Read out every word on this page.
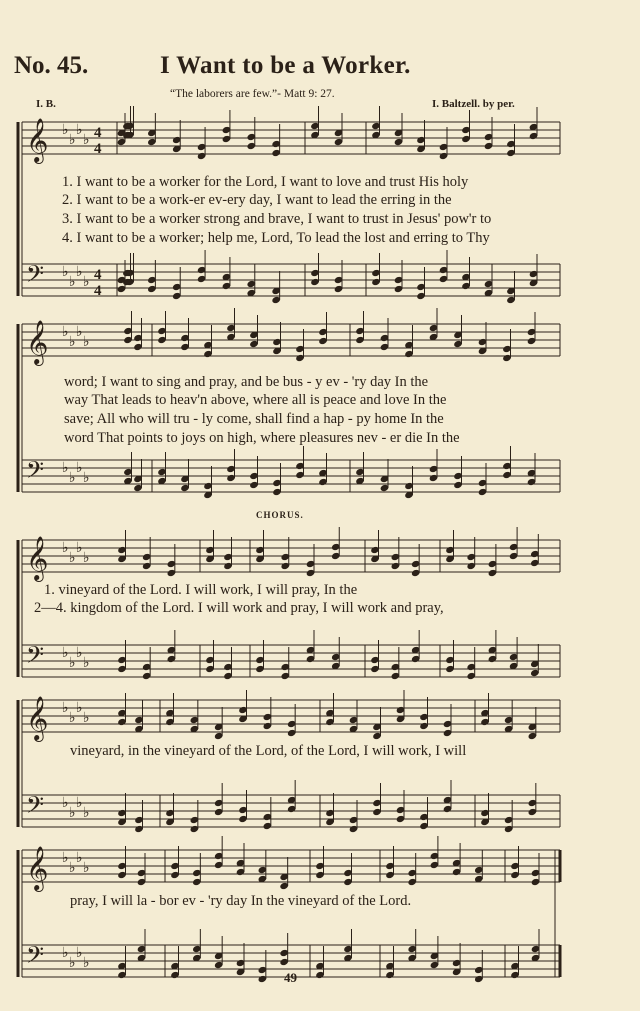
No. 45.	I Want to be a Worker.
“The laborers are few.”- Matt 9: 27.
I. B.	I. Baltzell. by per.
𝄞 ♭
♭
♭
♭ 4
4
𝄢 ♭
♭
♭
♭ 4
4
𝄞 ♭
♭
♭
♭
𝄢 ♭
♭
♭
♭
𝄞 ♭
♭
♭
♭
𝄢 ♭
♭
♭
♭
𝄞 ♭
♭
♭
♭
𝄢 ♭
♭
♭
♭
𝄞 ♭
♭
♭
♭
𝄢 ♭
♭
♭
♭
1. I want to be a worker for the Lord, I want to love and trust His holy
2. I want to be a work-er ev-ery day, I want to lead the erring in the
3. I want to be a worker strong and brave, I want to trust in Jesus' pow'r to
4. I want to be a worker; help me, Lord, To lead the lost and erring to Thy
word; I want to sing and pray, and be bus - y ev - 'ry day In the
way That leads to heav'n above, where all is peace and love In the
save; All who will tru - ly come, shall find a hap - py home In the
word That points to joys on high, where pleasures nev - er die In the
CHORUS.
1. vineyard of the Lord. I will work, I will pray, In the
2—4. kingdom of the Lord. I will work and pray, I will work and pray,
vineyard, in the vineyard of the Lord, of the Lord, I will work, I will
pray, I will la - bor ev - 'ry day In the vineyard of the Lord.
49
